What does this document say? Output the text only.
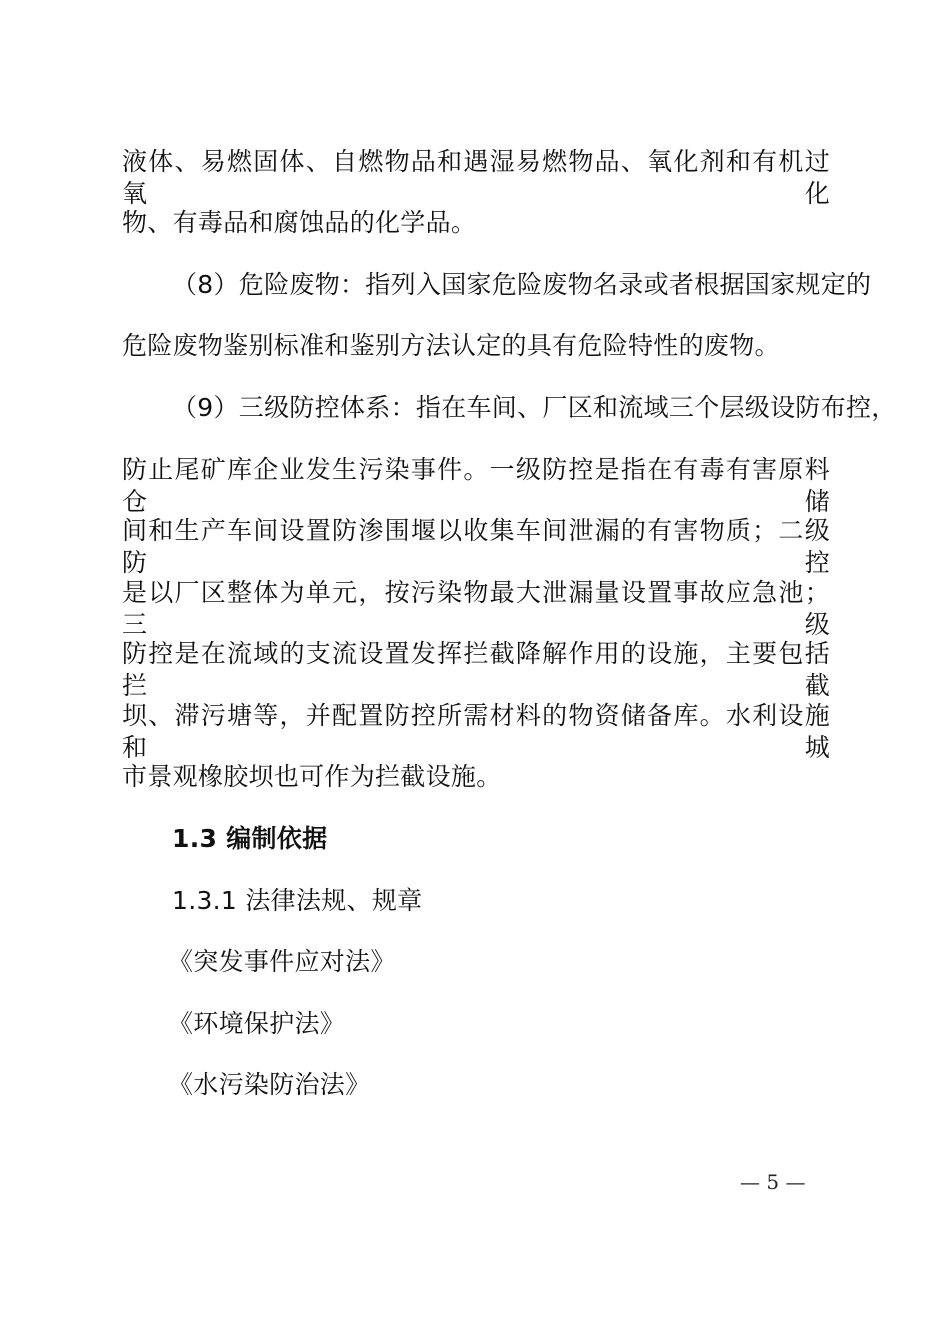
液体、易燃固体、自燃物品和遇湿易燃物品、氧化剂和有机过氧化
物、有毒品和腐蚀品的化学品。
（8）危险废物：指列入国家危险废物名录或者根据国家规定的
危险废物鉴别标准和鉴别方法认定的具有危险特性的废物。
（9）三级防控体系：指在车间、厂区和流域三个层级设防布控，
防止尾矿库企业发生污染事件。一级防控是指在有毒有害原料仓储
间和生产车间设置防渗围堰以收集车间泄漏的有害物质；二级防控
是以厂区整体为单元，按污染物最大泄漏量设置事故应急池；三级
防控是在流域的支流设置发挥拦截降解作用的设施，主要包括拦截
坝、滞污塘等，并配置防控所需材料的物资储备库。水利设施和城
市景观橡胶坝也可作为拦截设施。
1.3 编制依据
1.3.1 法律法规、规章
《突发事件应对法》
《环境保护法》
《水污染防治法》
— 5 —
